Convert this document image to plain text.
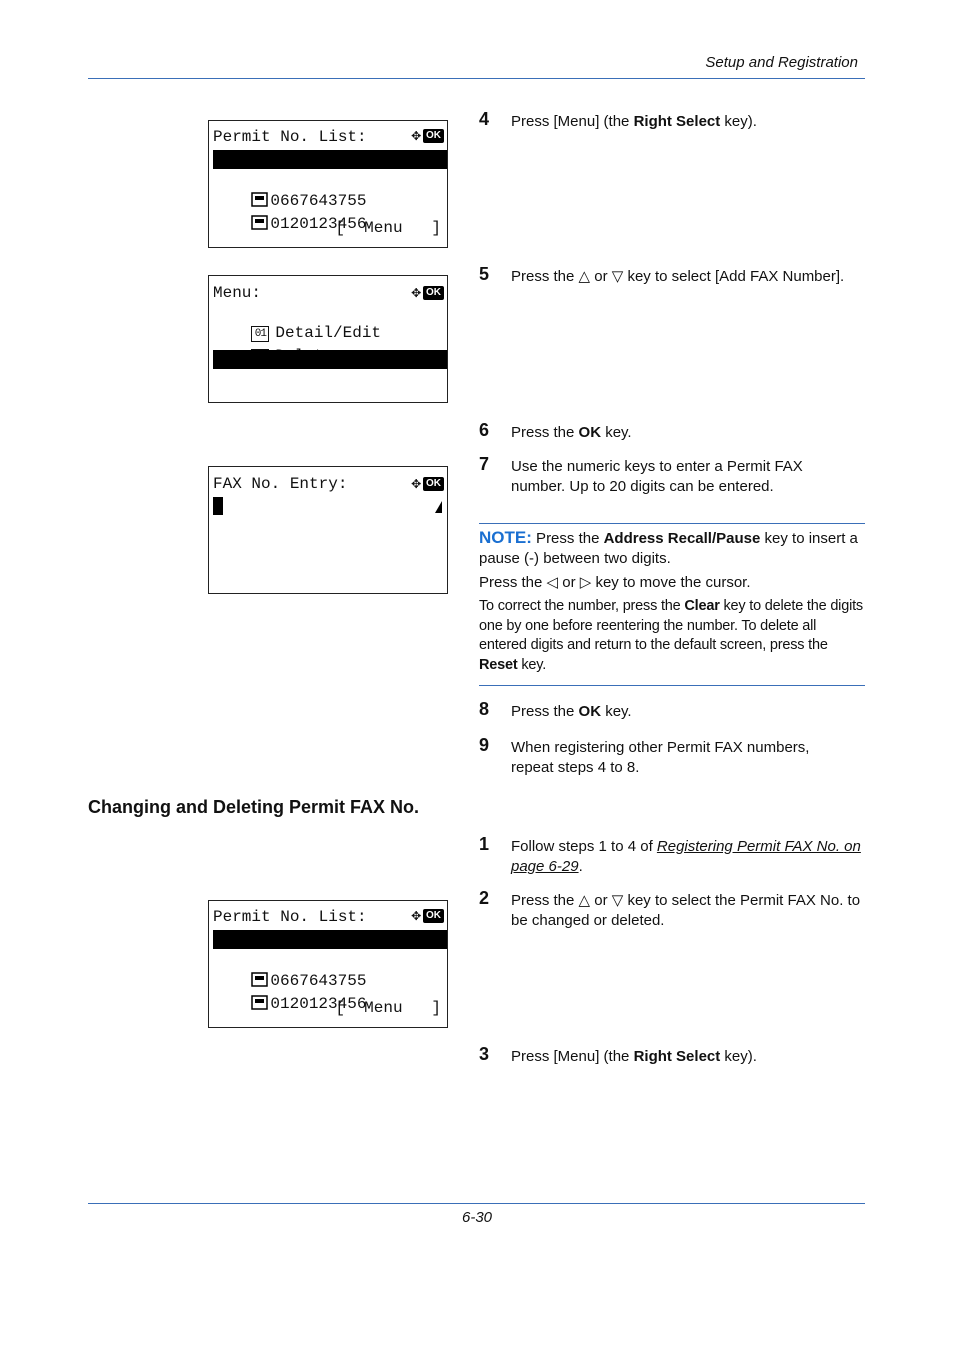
Setup and Registration
6-30
Permit No. List:	✥ OK

0667640001

0667643755

0120123456

[  Menu   ]
Menu:	✥ OK

01 Detail/Edit

03 Add FAX Number

FAX No. Entry:	✥ OK
Permit No. List:	✥ OK

0667640001

0667643755

0120123456

[  Menu   ]
4 Press [Menu] (the Right Select key).
5 Press the △ or ▽ key to select [Add FAX Number].
6 Press the OK key.
7 Use the numeric keys to enter a Permit FAX number. Up to 20 digits can be entered.

NOTE: Press the Address Recall/Pause key to insert a pause (-) between two digits.

Press the ◁ or ▷ key to move the cursor.

To correct the number, press the Clear key to delete the digits one by one before reentering the number. To delete all entered digits and return to the default screen, press the Reset key.

8 Press the OK key.
9 When registering other Permit FAX numbers, repeat steps 4 to 8.
Changing and Deleting Permit FAX No.
1 Follow steps 1 to 4 of Registering Permit FAX No. on page 6-29.
2 Press the △ or ▽ key to select the Permit FAX No. to be changed or deleted.
3 Press [Menu] (the Right Select key).
